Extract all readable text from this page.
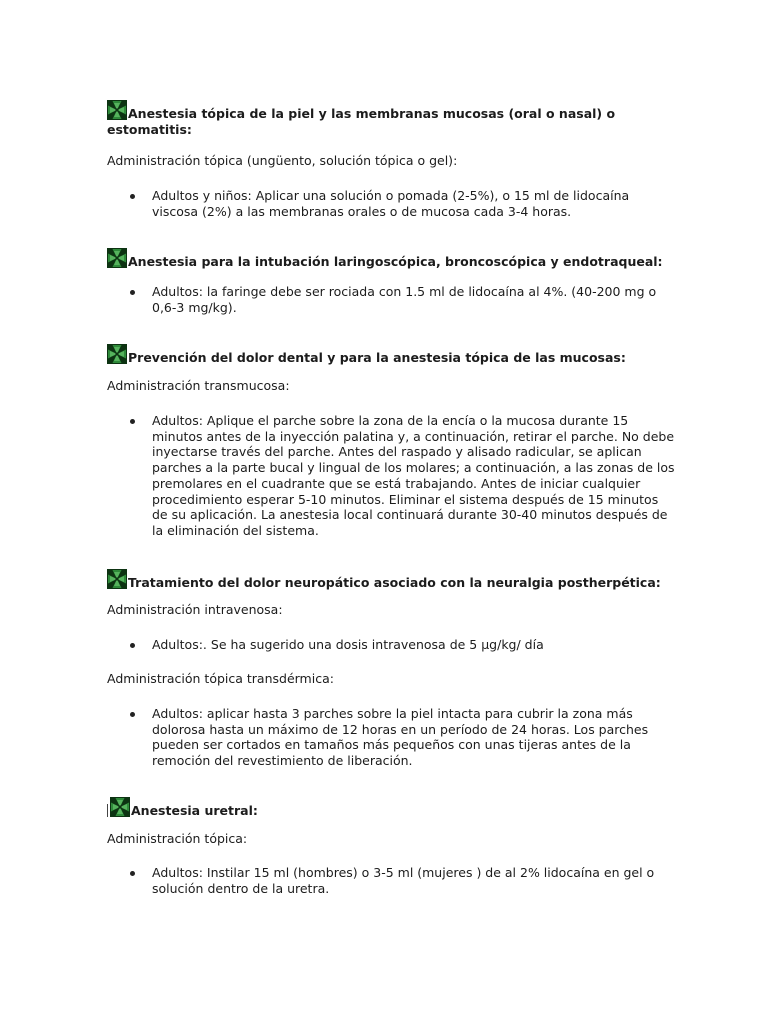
Anestesia tópica de la piel y las membranas mucosas (oral o nasal) o estomatitis:
Administración tópica (ungüento, solución tópica o gel):
Adultos y niños: Aplicar una solución o pomada (2-5%), o 15 ml de lidocaína viscosa (2%) a las membranas orales o de mucosa cada 3-4 horas.
Anestesia para la intubación laringoscópica, broncoscópica y endotraqueal:
Adultos: la faringe debe ser rociada con 1.5 ml de lidocaína al 4%. (40-200 mg o 0,6-3 mg/kg).
Prevención del dolor dental y para la anestesia tópica de las mucosas:
Administración transmucosa:
Adultos: Aplique el parche sobre la zona de la encía o la mucosa durante 15 minutos antes de la inyección palatina y, a continuación, retirar el parche. No debe inyectarse través del parche. Antes del raspado y alisado radicular, se aplican parches a la parte bucal y lingual de los molares; a continuación, a las zonas de los premolares en el cuadrante que se está trabajando. Antes de iniciar cualquier procedimiento esperar 5-10 minutos. Eliminar el sistema después de 15 minutos de su aplicación. La anestesia local continuará durante 30-40 minutos después de la eliminación del sistema.
Tratamiento del dolor neuropático asociado con la neuralgia postherpética:
Administración intravenosa:
Adultos:. Se ha sugerido una dosis intravenosa de 5 μg/kg/ día
Administración tópica transdérmica:
Adultos: aplicar hasta 3 parches sobre la piel intacta para cubrir la zona más dolorosa hasta un máximo de 12 horas en un período de 24 horas. Los parches pueden ser cortados en tamaños más pequeños con unas tijeras antes de la remoción del revestimiento de liberación.
Anestesia uretral:
Administración tópica:
Adultos: Instilar 15 ml (hombres) o 3-5 ml (mujeres ) de al 2% lidocaína en gel o solución dentro de la uretra.
